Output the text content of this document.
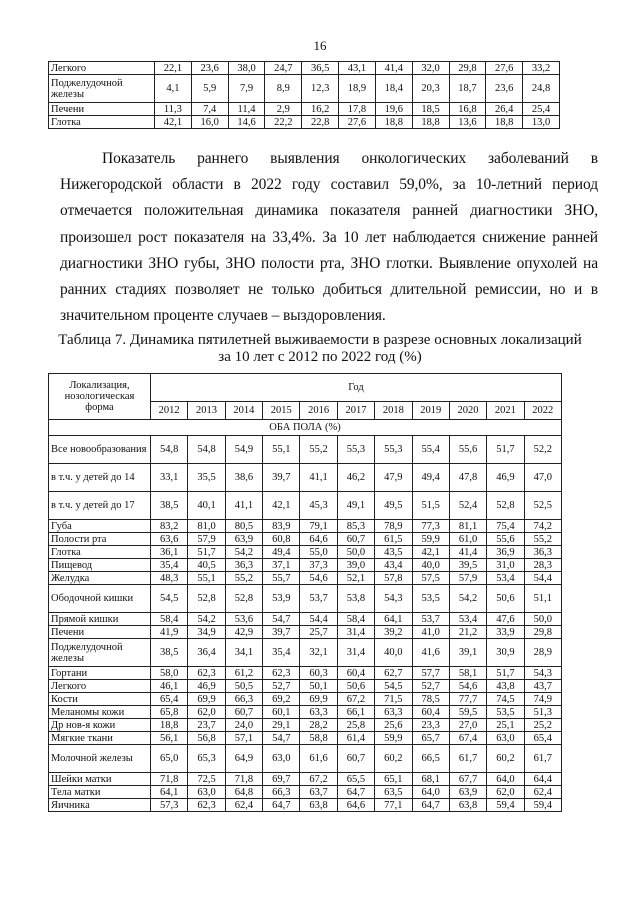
16
Легкого	22,1	23,6	38,0	24,7	36,5	43,1	41,4	32,0	29,8	27,6	33,2
Поджелудочной железы	4,1	5,9	7,9	8,9	12,3	18,9	18,4	20,3	18,7	23,6	24,8
Печени	11,3	7,4	11,4	2,9	16,2	17,8	19,6	18,5	16,8	26,4	25,4
Глотка	42,1	16,0	14,6	22,2	22,8	27,6	18,8	18,8	13,6	18,8	13,0

Показатель раннего выявления онкологических заболеваний в Нижегородской области в 2022 году составил 59,0%, за 10-летний период отмечается положительная динамика показателя ранней диагностики ЗНО, произошел рост показателя на 33,4%. За 10 лет наблюдается снижение ранней диагностики ЗНО губы, ЗНО полости рта, ЗНО глотки. Выявление опухолей на ранних стадиях позволяет не только добиться длительной ремиссии, но и в значительном проценте случаев – выздоровления.

Таблица 7. Динамика пятилетней выживаемости в разрезе основных локализаций
за 10 лет с 2012 по 2022 год (%)
Локализация, нозологическая форма	Год										
	2012	2013	2014	2015	2016	2017	2018	2019	2020	2021	2022
ОБА ПОЛА (%)											
Все новообразования	54,8	54,8	54,9	55,1	55,2	55,3	55,3	55,4	55,6	51,7	52,2
в т.ч. у детей до 14	33,1	35,5	38,6	39,7	41,1	46,2	47,9	49,4	47,8	46,9	47,0
в т.ч. у детей до 17	38,5	40,1	41,1	42,1	45,3	49,1	49,5	51,5	52,4	52,8	52,5
Губа	83,2	81,0	80,5	83,9	79,1	85,3	78,9	77,3	81,1	75,4	74,2
Полости рта	63,6	57,9	63,9	60,8	64,6	60,7	61,5	59,9	61,0	55,6	55,2
Глотка	36,1	51,7	54,2	49,4	55,0	50,0	43,5	42,1	41,4	36,9	36,3
Пищевод	35,4	40,5	36,3	37,1	37,3	39,0	43,4	40,0	39,5	31,0	28,3
Желудка	48,3	55,1	55,2	55,7	54,6	52,1	57,8	57,5	57,9	53,4	54,4
Ободочной кишки	54,5	52,8	52,8	53,9	53,7	53,8	54,3	53,5	54,2	50,6	51,1
Прямой кишки	58,4	54,2	53,6	54,7	54,4	58,4	64,1	53,7	53,4	47,6	50,0
Печени	41,9	34,9	42,9	39,7	25,7	31,4	39,2	41,0	21,2	33,9	29,8
Поджелудочной железы	38,5	36,4	34,1	35,4	32,1	31,4	40,0	41,6	39,1	30,9	28,9
Гортани	58,0	62,3	61,2	62,3	60,3	60,4	62,7	57,7	58,1	51,7	54,3
Легкого	46,1	46,9	50,5	52,7	50,1	50,6	54,5	52,7	54,6	43,8	43,7
Кости	65,4	69,9	66,3	69,2	69,9	67,2	71,5	78,5	77,7	74,5	74,9
Меланомы кожи	65,8	62,0	60,7	60,1	63,3	66,1	63,3	60,4	59,5	53,5	51,3
Др нов-я кожи	18,8	23,7	24,0	29,1	28,2	25,8	25,6	23,3	27,0	25,1	25,2
Мягкие ткани	56,1	56,8	57,1	54,7	58,8	61,4	59,9	65,7	67,4	63,0	65,4
Молочной железы	65,0	65,3	64,9	63,0	61,6	60,7	60,2	66,5	61,7	60,2	61,7
Шейки матки	71,8	72,5	71,8	69,7	67,2	65,5	65,1	68,1	67,7	64,0	64,4
Тела матки	64,1	63,0	64,8	66,3	63,7	64,7	63,5	64,0	63,9	62,0	62,4
Яичника	57,3	62,3	62,4	64,7	63,8	64,6	77,1	64,7	63,8	59,4	59,4
